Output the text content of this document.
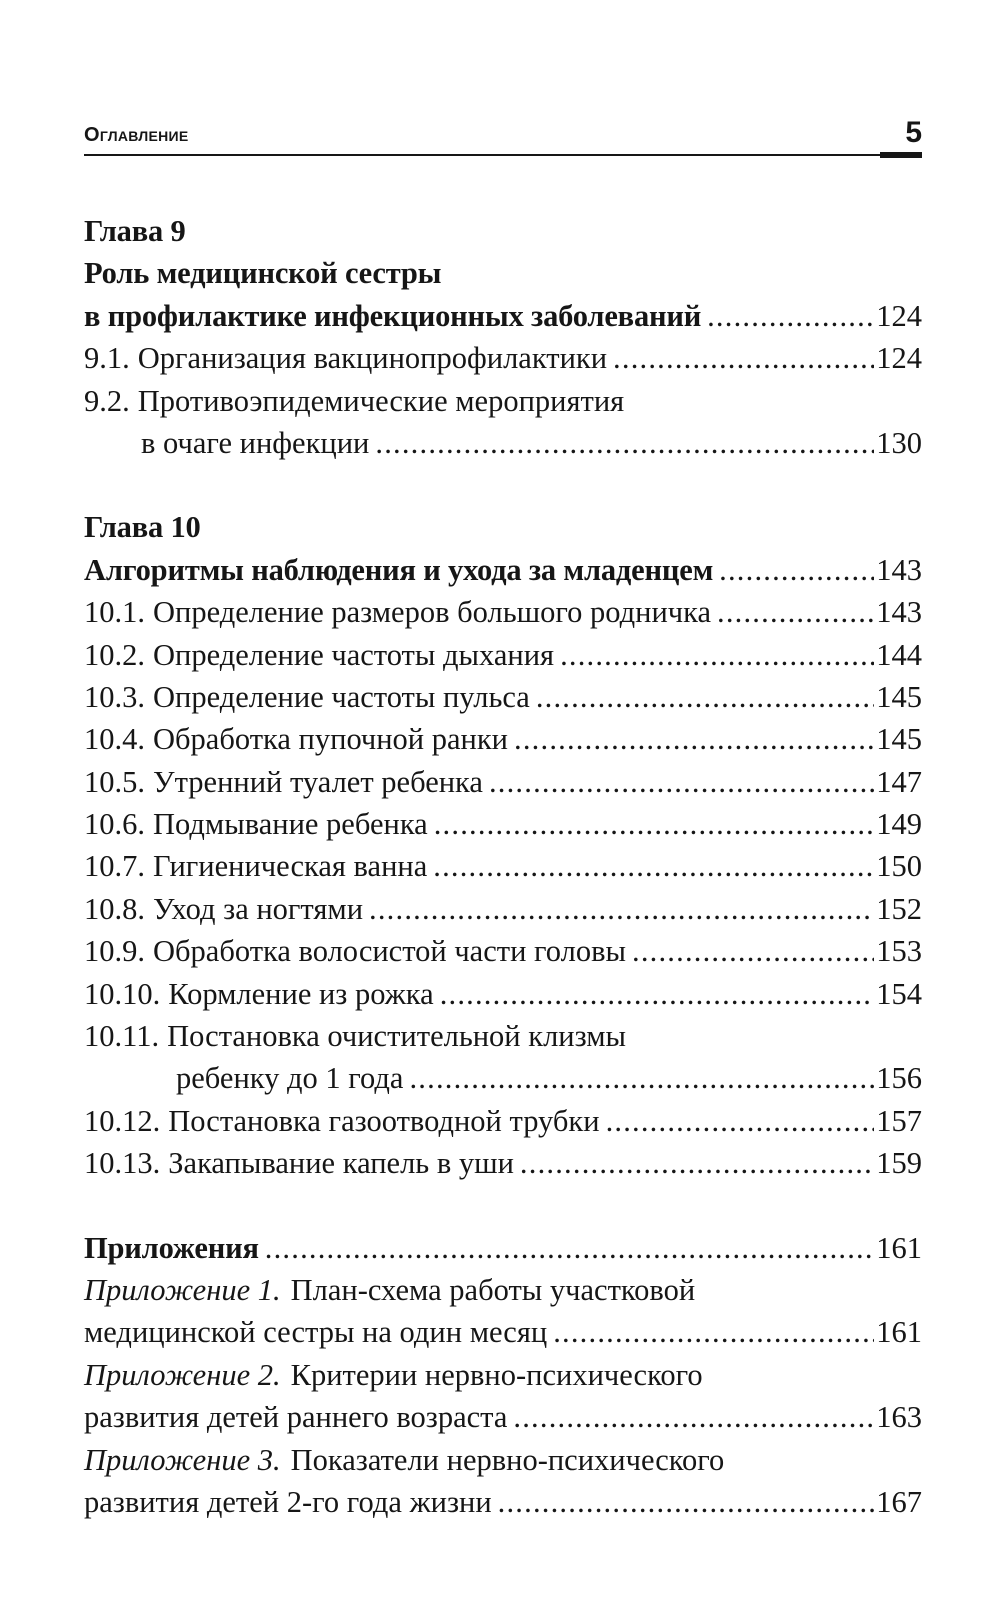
Оглавление	5
Глава 9
Роль медицинской сестры
в профилактике инфекционных заболеваний .....	124
9.1. Организация вакцинопрофилактики .....	124
9.2. Противоэпидемические мероприятия
в очаге инфекции .....	130
Глава 10
Алгоритмы наблюдения и ухода за младенцем .....	143
10.1. Определение размеров большого родничка .....	143
10.2. Определение частоты дыхания .....	144
10.3. Определение частоты пульса .....	145
10.4. Обработка пупочной ранки .....	145
10.5. Утренний туалет ребенка .....	147
10.6. Подмывание ребенка .....	149
10.7. Гигиеническая ванна .....	150
10.8. Уход за ногтями .....	152
10.9. Обработка волосистой части головы .....	153
10.10. Кормление из рожка .....	154
10.11. Постановка очистительной клизмы
ребенку до 1 года .....	156
10.12. Постановка газоотводной трубки .....	157
10.13. Закапывание капель в уши .....	159
Приложения .....	161
Приложение 1. План-схема работы участковой
медицинской сестры на один месяц .....	161
Приложение 2. Критерии нервно-психического
развития детей раннего возраста .....	163
Приложение 3. Показатели нервно-психического
развития детей 2-го года жизни .....	167
